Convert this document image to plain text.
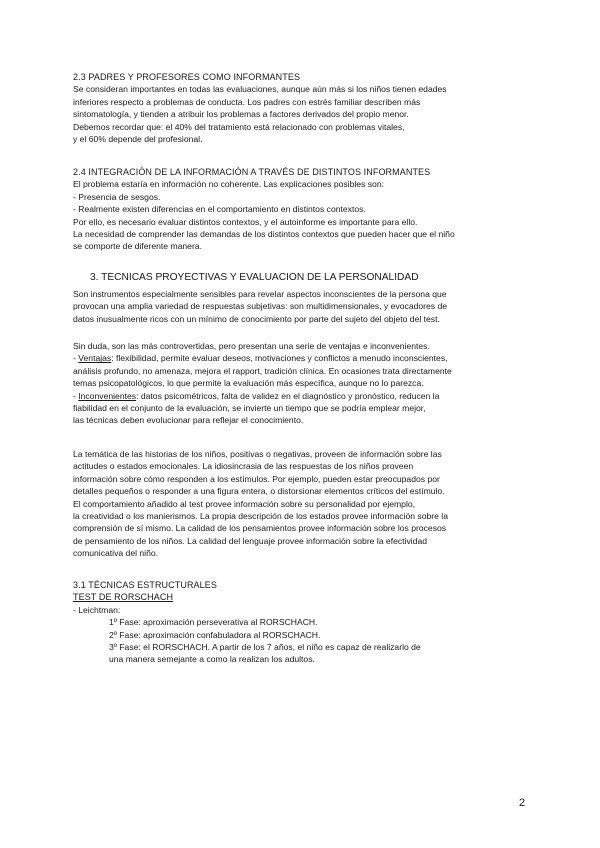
2.3 PADRES Y PROFESORES COMO INFORMANTES
Se consideran importantes en todas las evaluaciones, aunque aún más si los niños tienen edades
inferiores respecto a problemas de conducta. Los padres con estrés familiar describen más
sintomatología, y tienden a atribuir los problemas a factores derivados del propio menor.
Debemos recordar que: el 40% del tratamiento está relacionado con problemas vitales,
y el 60% depende del profesional.
2.4 INTEGRACIÓN DE LA INFORMACIÓN A TRAVÉS DE DISTINTOS INFORMANTES
El problema estaría en información no coherente. Las explicaciones posibles son:
- Presencia de sesgos.
- Realmente existen diferencias en el comportamiento en distintos contextos.
Por ello, es necesario evaluar distintos contextos, y el autoinforme es importante para ello.
La necesidad de comprender las demandas de los distintos contextos que pueden hacer que el niño
se comporte de diferente manera.
3. TÉCNICAS PROYECTIVAS Y EVALUACIÓN DE LA PERSONALIDAD
Son instrumentos especialmente sensibles para revelar aspectos inconscientes de la persona que
provocan una amplia variedad de respuestas subjetivas: son multidimensionales, y evocadores de
datos inusualmente ricos con un mínimo de conocimiento por parte del sujeto del objeto del test.
Sin duda, son las más controvertidas, pero presentan una serie de ventajas e inconvenientes.
- Ventajas: flexibilidad, permite evaluar deseos, motivaciones y conflictos a menudo inconscientes,
análisis profundo, no amenaza, mejora el rapport, tradición clínica. En ocasiones trata directamente
temas psicopatológicos, lo que permite la evaluación más específica, aunque no lo parezca.
- Inconvenientes: datos psicométricos, falta de validez en el diagnóstico y pronóstico, reducen la
fiabilidad en el conjunto de la evaluación, se invierte un tiempo que se podría emplear mejor,
las técnicas deben evolucionar para reflejar el conocimiento.
La temática de las historias de los niños, positivas o negativas, proveen de información sobre las
actitudes o estados emocionales. La idiosincrasia de las respuestas de los niños proveen
información sobre cómo responden a los estímulos. Por ejemplo, pueden estar preocupados por
detalles pequeños o responder a una figura entera, o distorsionar elementos críticos del estímulo.
El comportamiento añadido al test provee información sobre su personalidad por ejemplo,
la creatividad o los manierismos. La propia descripción de los estados provee información sobre la
comprensión de sí mismo. La calidad de los pensamientos provee información sobre los procesos
de pensamiento de los niños. La calidad del lenguaje provee información sobre la efectividad
comunicativa del niño.
3.1 TÉCNICAS ESTRUCTURALES
TEST DE RORSCHACH
- Leichtman:
1º Fase: aproximación perseverativa al RORSCHACH.
2º Fase: aproximación confabuladora al RORSCHACH.
3º Fase: el RORSCHACH. A partir de los 7 años, el niño es capaz de realizarlo de
una manera semejante a como la realizan los adultos.
2
